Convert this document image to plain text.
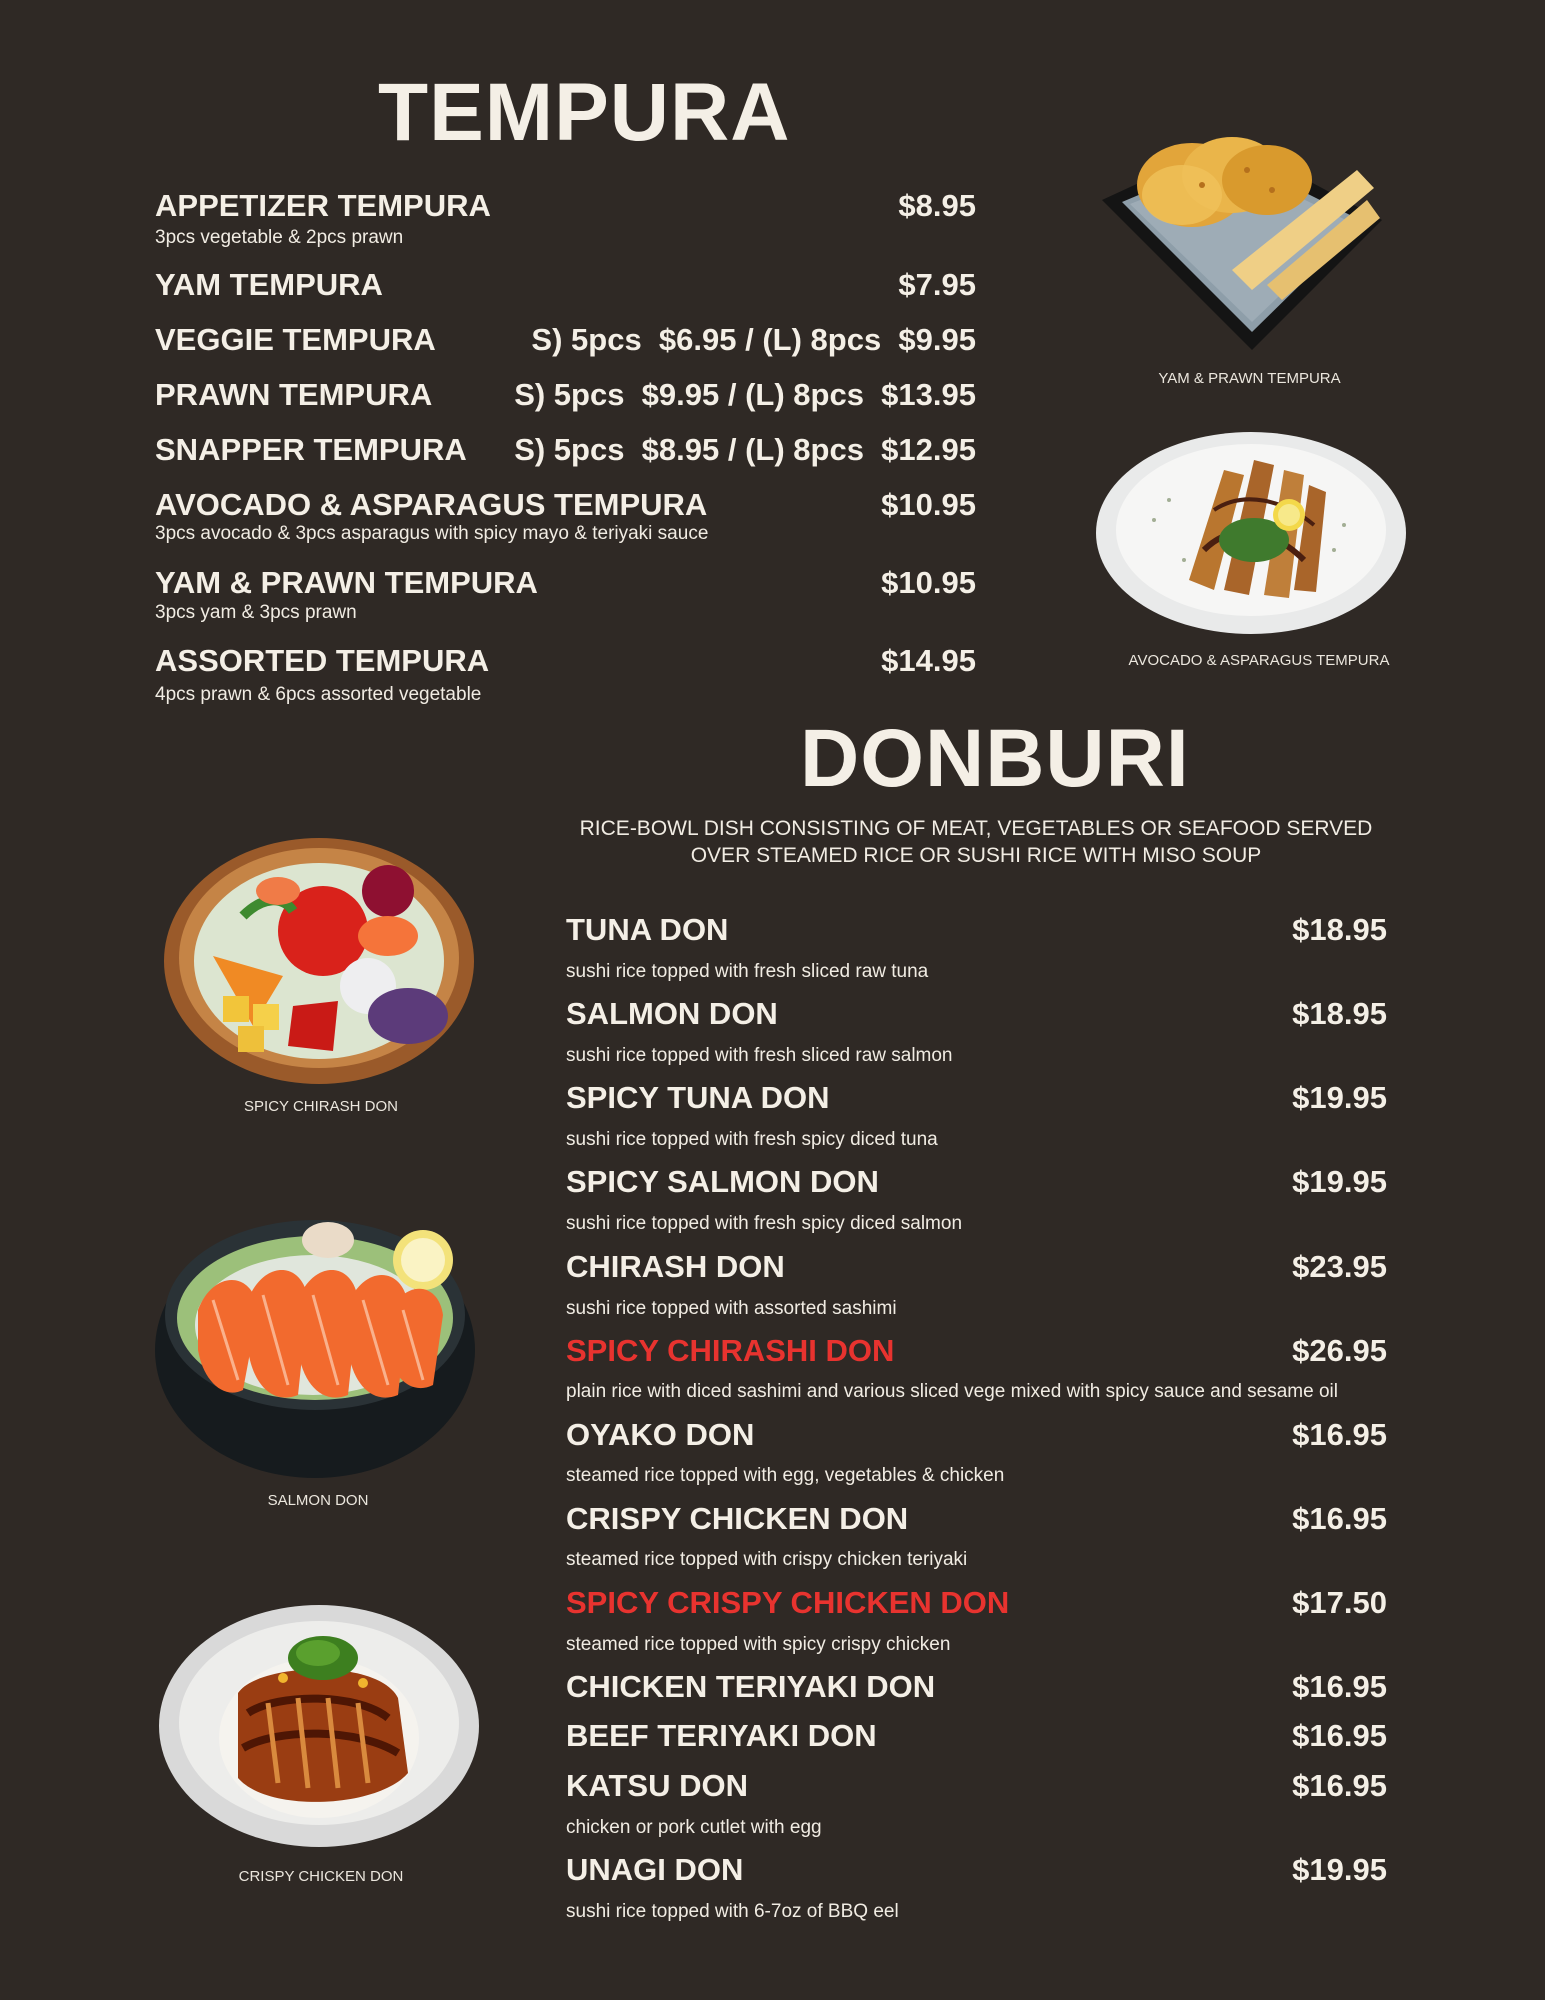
TEMPURA
APPETIZER TEMPURA	$8.95
3pcs vegetable & 2pcs prawn
YAM TEMPURA	$7.95
VEGGIE TEMPURA	S) 5pcs  $6.95 / (L) 8pcs  $9.95
PRAWN TEMPURA	S) 5pcs  $9.95 / (L) 8pcs  $13.95
SNAPPER TEMPURA S) 5pcs  $8.95 / (L) 8pcs  $12.95
AVOCADO & ASPARAGUS TEMPURA	$10.95
3pcs avocado & 3pcs asparagus with spicy mayo & teriyaki sauce
YAM & PRAWN TEMPURA	$10.95
3pcs yam & 3pcs prawn
ASSORTED TEMPURA	$14.95
4pcs prawn & 6pcs assorted vegetable
YAM & PRAWN TEMPURA
AVOCADO & ASPARAGUS TEMPURA
DONBURI
RICE-BOWL DISH CONSISTING OF MEAT, VEGETABLES OR SEAFOOD SERVED
OVER STEAMED RICE OR SUSHI RICE WITH MISO SOUP
TUNA DON	$18.95
sushi rice topped with fresh sliced raw tuna
SALMON DON	$18.95
sushi rice topped with fresh sliced raw salmon
SPICY TUNA DON	$19.95
sushi rice topped with fresh spicy diced tuna
SPICY SALMON DON	$19.95
sushi rice topped with fresh spicy diced salmon
CHIRASH DON	$23.95
sushi rice topped with assorted sashimi
SPICY CHIRASHI DON	$26.95
plain rice with diced sashimi and various sliced vege mixed with spicy sauce and sesame oil
OYAKO DON	$16.95
steamed rice topped with egg, vegetables & chicken
CRISPY CHICKEN DON	$16.95
steamed rice topped with crispy chicken teriyaki
SPICY CRISPY CHICKEN DON	$17.50
steamed rice topped with spicy crispy chicken
CHICKEN TERIYAKI DON	$16.95
BEEF TERIYAKI DON	$16.95
KATSU DON	$16.95
chicken or pork cutlet with egg
UNAGI DON	$19.95
sushi rice topped with 6-7oz of BBQ eel
SPICY CHIRASH DON
SALMON DON
CRISPY CHICKEN DON
